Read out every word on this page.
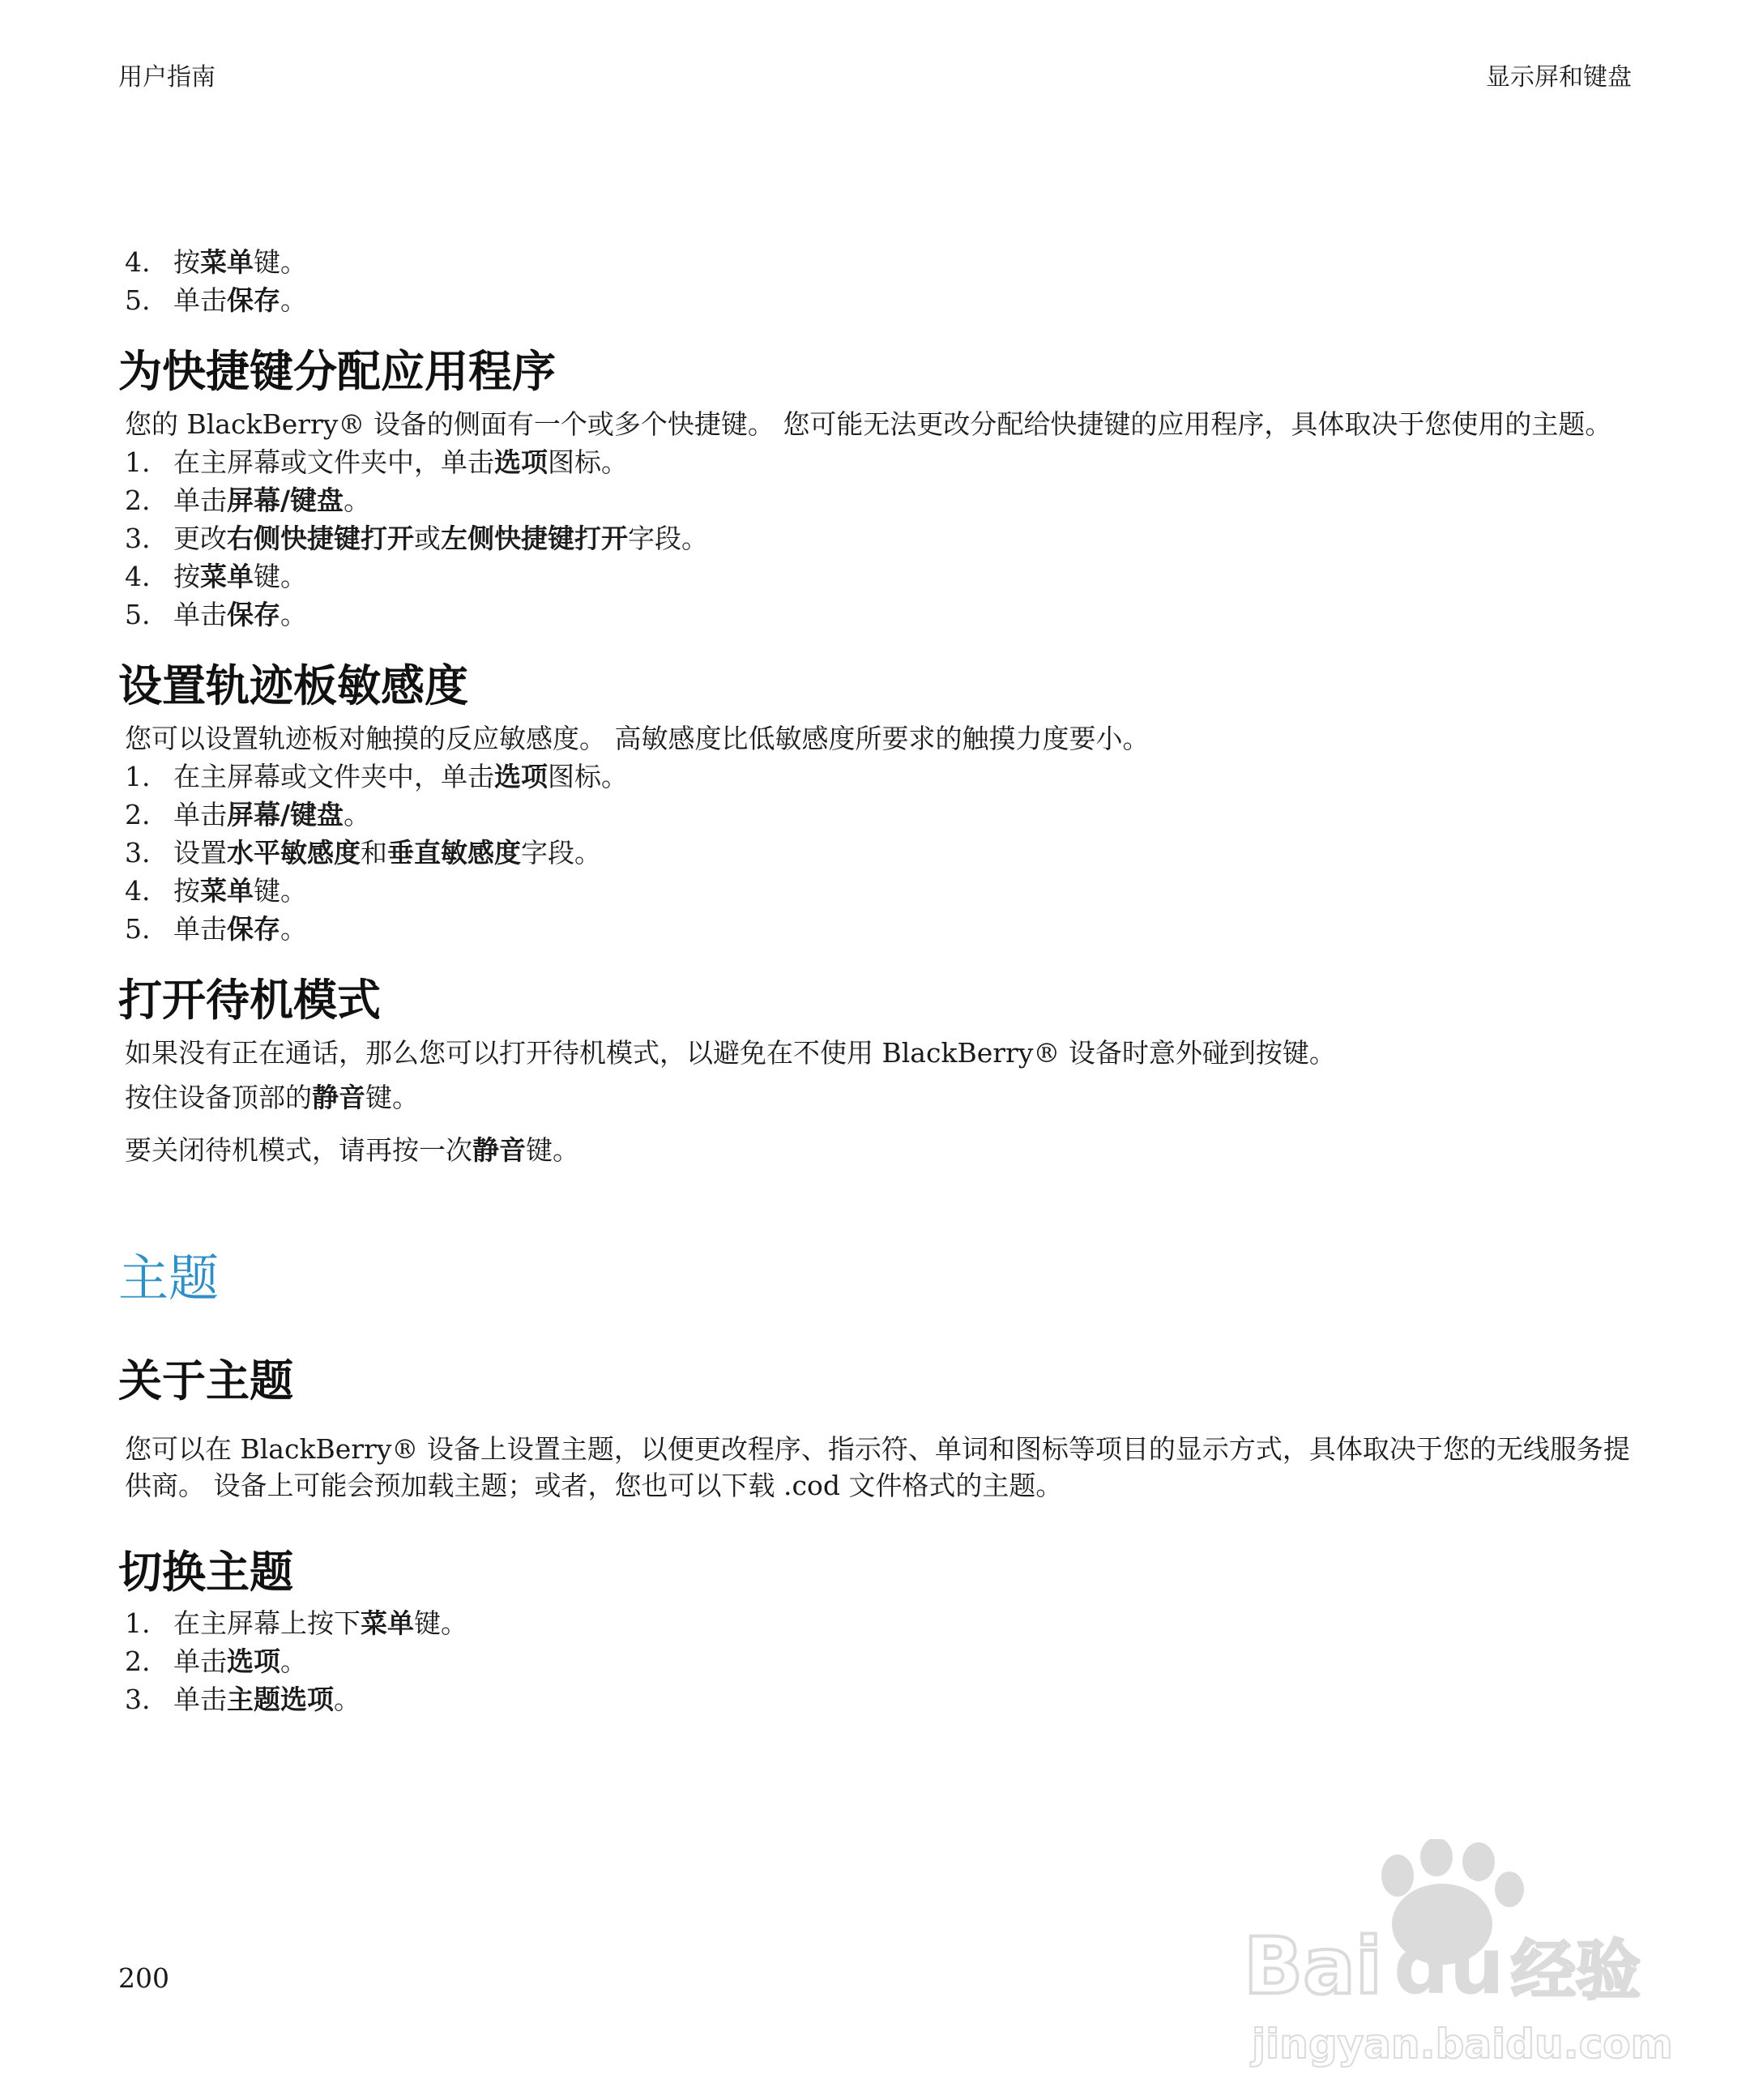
用户指南	显示屏和键盘
4. 按菜单键。
5. 单击保存。
为快捷键分配应用程序
您的 BlackBerry® 设备的侧面有一个或多个快捷键。 您可能无法更改分配给快捷键的应用程序，具体取决于您使用的主题。
1. 在主屏幕或文件夹中，单击选项图标。
2. 单击屏幕/键盘。
3. 更改右侧快捷键打开或左侧快捷键打开字段。
4. 按菜单键。
5. 单击保存。
设置轨迹板敏感度
您可以设置轨迹板对触摸的反应敏感度。 高敏感度比低敏感度所要求的触摸力度要小。
1. 在主屏幕或文件夹中，单击选项图标。
2. 单击屏幕/键盘。
3. 设置水平敏感度和垂直敏感度字段。
4. 按菜单键。
5. 单击保存。
打开待机模式
如果没有正在通话，那么您可以打开待机模式，以避免在不使用 BlackBerry® 设备时意外碰到按键。
按住设备顶部的静音键。
要关闭待机模式，请再按一次静音键。
主题
关于主题
您可以在 BlackBerry® 设备上设置主题，以便更改程序、指示符、单词和图标等项目的显示方式，具体取决于您的无线服务提供商。 设备上可能会预加载主题；或者，您也可以下载 .cod 文件格式的主题。
切换主题
1. 在主屏幕上按下菜单键。
2. 单击选项。
3. 单击主题选项。
200	Bai du 经验
jingyan.baidu.com
